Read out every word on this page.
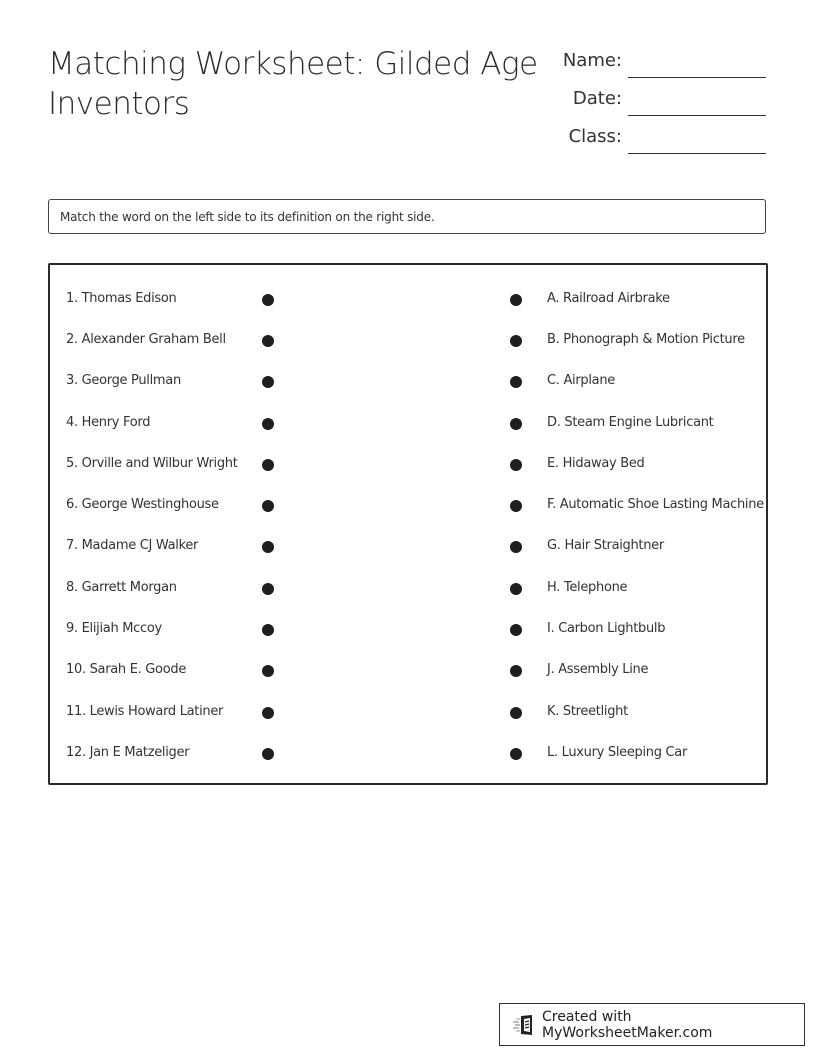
Matching Worksheet: Gilded Age Inventors
Name:
Date:
Class:
Match the word on the left side to its definition on the right side.
1. Thomas Edison	A. Railroad Airbrake
2. Alexander Graham Bell	B. Phonograph & Motion Picture
3. George Pullman	C. Airplane
4. Henry Ford	D. Steam Engine Lubricant
5. Orville and Wilbur Wright	E. Hidaway Bed
6. George Westinghouse	F. Automatic Shoe Lasting Machine
7. Madame CJ Walker	G. Hair Straightner
8. Garrett Morgan	H. Telephone
9. Elijiah Mccoy	I. Carbon Lightbulb
10. Sarah E. Goode	J. Assembly Line
11. Lewis Howard Latiner	K. Streetlight
12. Jan E Matzeliger	L. Luxury Sleeping Car
Created with MyWorksheetMaker.com
